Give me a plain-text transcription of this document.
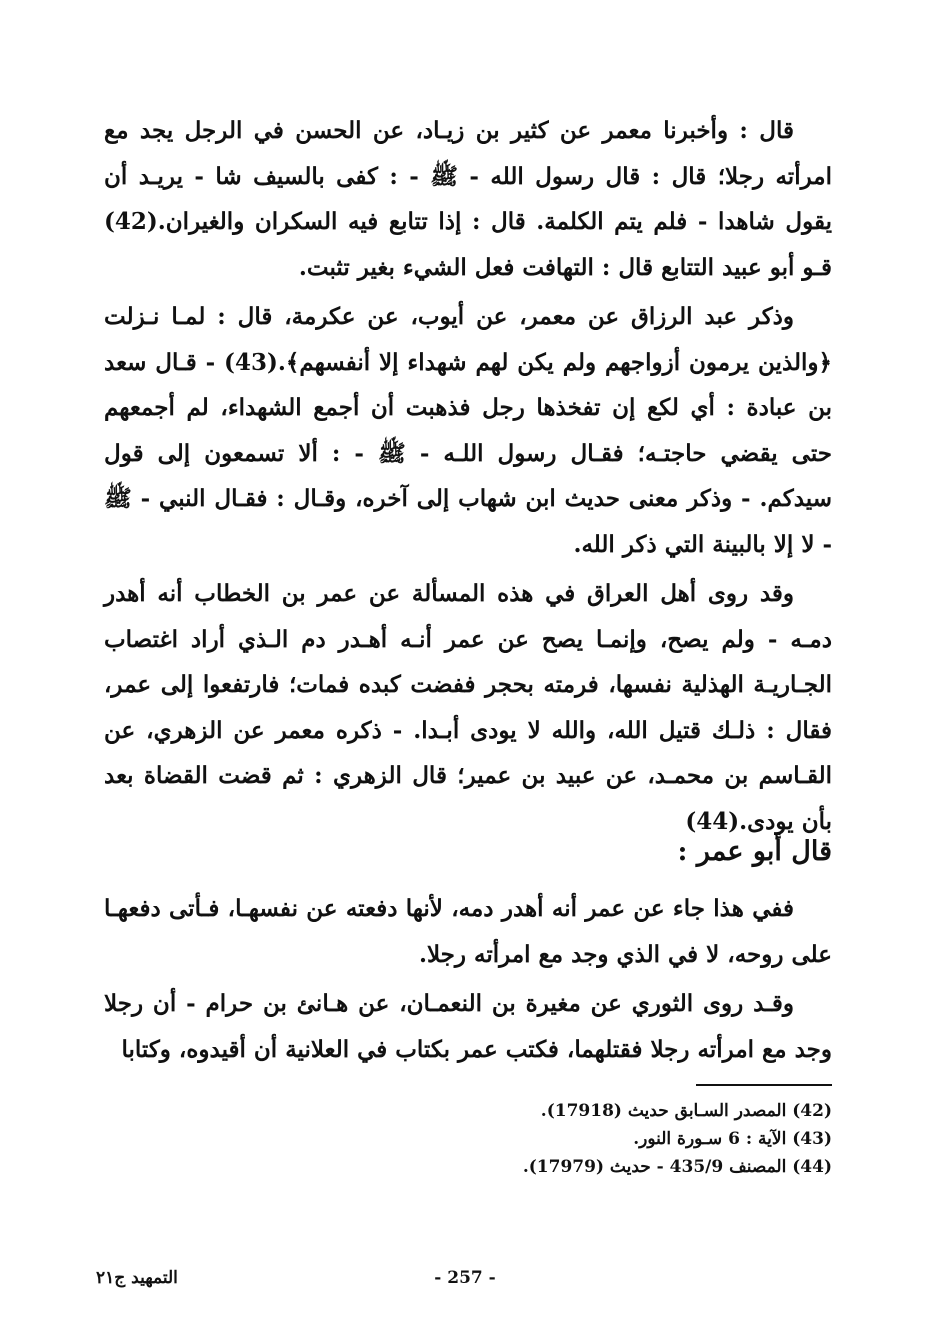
قال : وأخبرنا معمر عن كثير بن زيـاد، عن الحسن في الرجل يجد مع امرأته رجلا؛ قال : قال رسول الله - ﷺ - : كفى بالسيف شا - يريـد أن يقول شاهدا - فلم يتم الكلمة. قال : إذا تتابع فيه السكران والغيران.(42) قـو أبو عبيد التتابع قال : التهافت فعل الشيء بغير تثبت.

وذكر عبد الرزاق عن معمر، عن أيوب، عن عكرمة، قال : لمـا نـزلت ﴿والذين يرمون أزواجهم ولم يكن لهم شهداء إلا أنفسهم﴾.(43) - قـال سعد بن عبادة : أي لكع إن تفخذها رجل فذهبت أن أجمع الشهداء، لم أجمعهم حتى يقضي حاجتـه؛ فقـال رسول اللـه - ﷺ - : ألا تسمعون إلى قول سيدكم. - وذكر معنى حديث ابن شهاب إلى آخره، وقـال : فقـال النبي - ﷺ - لا إلا بالبينة التي ذكر الله.

وقد روى أهل العراق في هذه المسألة عن عمر بن الخطاب أنه أهدر دمـه - ولم يصح، وإنمـا يصح عن عمر أنـه أهـدر دم الـذي أراد اغتصاب الجـاريـة الهذلية نفسها، فرمته بحجر ففضت كبده فمات؛ فارتفعوا إلى عمر، فقال : ذلـك قتيل الله، والله لا يودى أبـدا. - ذكره معمر عن الزهري، عن القـاسم بن محمـد، عن عبيد بن عمير؛ قال الزهري : ثم قضت القضاة بعد بأن يودى.(44)

قال أبو عمر :

ففي هذا جاء عن عمر أنه أهدر دمه، لأنها دفعته عن نفسهـا، فـأتى دفعهـا على روحه، لا في الذي وجد مع امرأته رجلا.

وقـد روى الثوري عن مغيرة بن النعمـان، عن هـانئ بن حرام - أن رجلا وجد مع امرأته رجلا فقتلهما، فكتب عمر بكتاب في العلانية أن أقيدوه، وكتابا

(42) المصدر السـابق حديث (17918).
(43) الآية : 6 سـورة النور.
(44) المصنف 435/9 - حديث (17979).
- 257 -
التمهيد ج٢١
